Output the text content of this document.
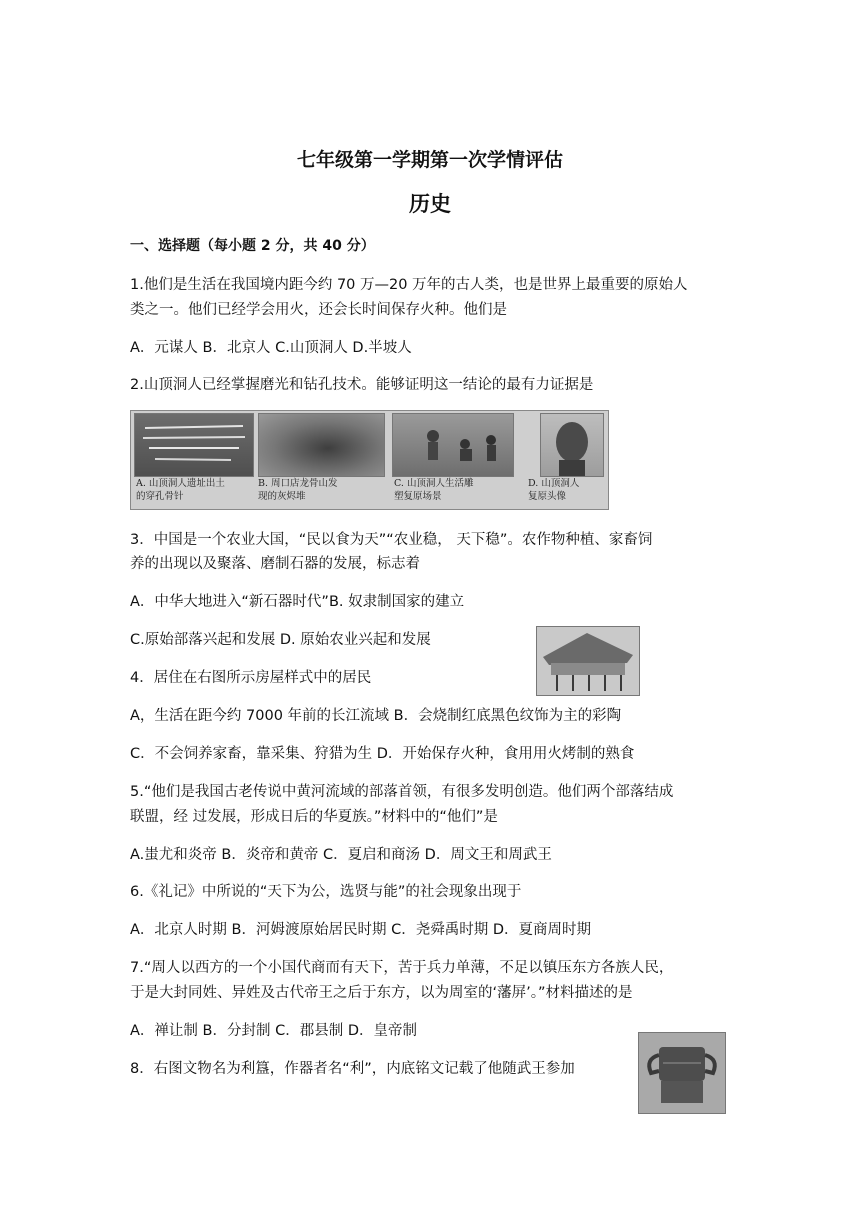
七年级第一学期第一次学情评估
历史
一、选择题（每小题 2 分，共 40 分）
1.他们是生活在我国境内距今约 70 万—20 万年的古人类，也是世界上最重要的原始人
类之一。他们已经学会用火，还会长时间保存火种。他们是
A．元谋人 B．北京人 C.山顶洞人 D.半坡人
2.山顶洞人已经掌握磨光和钻孔技术。能够证明这一结论的最有力证据是
A. 山顶洞人遗址出土
的穿孔骨针
B. 周口店龙骨山发
现的灰烬堆
C. 山顶洞人生活雕
塑复原场景
D. 山顶洞人
复原头像
3．中国是一个农业大国，“民以食为天”“农业稳， 天下稳”。农作物种植、家畜饲
养的出现以及聚落、磨制石器的发展，标志着
A．中华大地进入“新石器时代”B. 奴隶制国家的建立
C.原始部落兴起和发展 D. 原始农业兴起和发展
4．居住在右图所示房屋样式中的居民
A，生活在距今约 7000 年前的长江流域 B．会烧制红底黑色纹饰为主的彩陶
C．不会饲养家畜，靠采集、狩猎为生 D．开始保存火种，食用用火烤制的熟食
5.“他们是我国古老传说中黄河流域的部落首领，有很多发明创造。他们两个部落结成
联盟，经 过发展，形成日后的华夏族。”材料中的“他们”是
A.蚩尤和炎帝 B．炎帝和黄帝 C．夏启和商汤 D．周文王和周武王
6.《礼记》中所说的“天下为公，选贤与能”的社会现象出现于
A．北京人时期 B．河姆渡原始居民时期 C．尧舜禹时期 D．夏商周时期
7.“周人以西方的一个小国代商而有天下，苦于兵力单薄，不足以镇压东方各族人民，
于是大封同姓、异姓及古代帝王之后于东方，以为周室的‘藩屏’。”材料描述的是
A．禅让制 B．分封制 C．郡县制 D．皇帝制
8．右图文物名为利簋，作器者名“利”，内底铭文记载了他随武王参加
